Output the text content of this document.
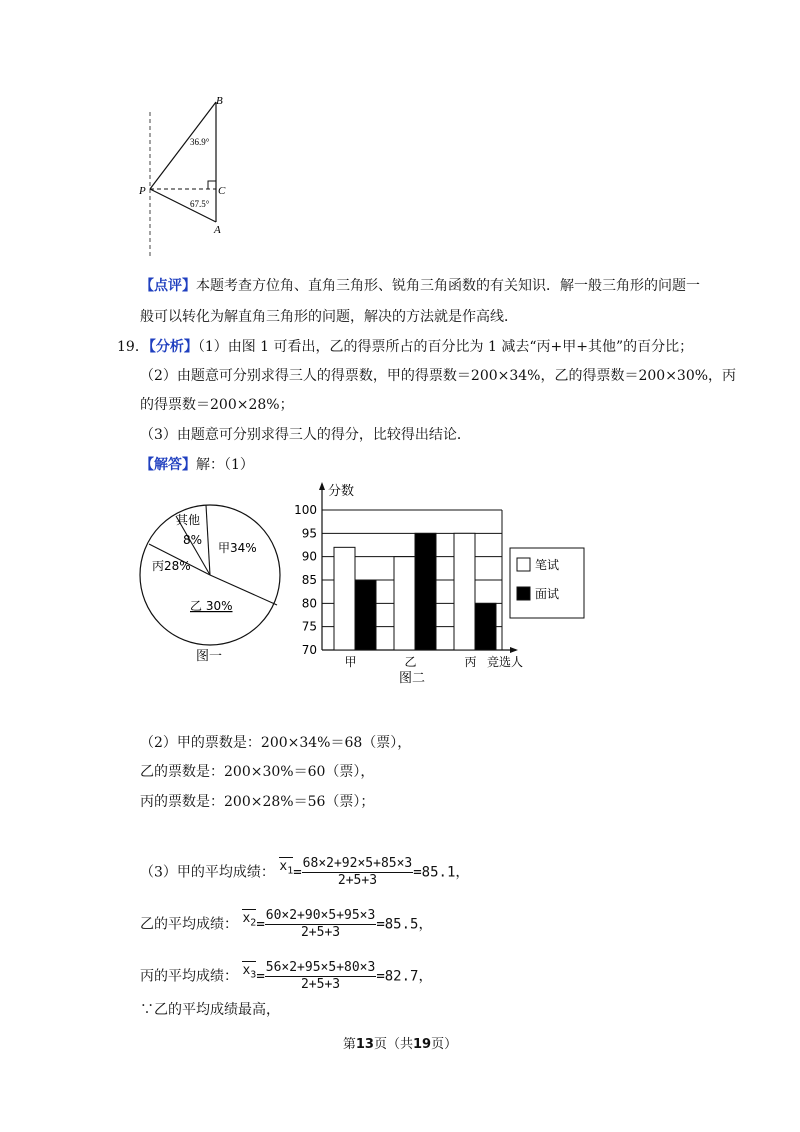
B
P	C
A
36.9°
67.5°
【点评】本题考查方位角、直角三角形、锐角三角函数的有关知识．解一般三角形的问题一
般可以转化为解直角三角形的问题，解决的方法就是作高线．
19．【分析】（1）由图 1 可看出，乙的得票所占的百分比为 1 减去“丙+甲+其他”的百分比；
（2）由题意可分别求得三人的得票数，甲的得票数＝200×34%，乙的得票数＝200×30%，丙
的得票数＝200×28%；
（3）由题意可分别求得三人的得分，比较得出结论．
【解答】解：（1）
其他
8%
甲34%
丙28%
乙 30%
图一
100
95
90
85
80
75
70
分数
竞选人
甲	乙	丙
图二
笔试
面试
（2）甲的票数是：200×34%＝68（票），
乙的票数是：200×30%＝60（票），
丙的票数是：200×28%＝56（票）；
（3）甲的平均成绩： $x_1= \frac{68\times 2+92\times 5+85\times 3}{2+5+3} =85.1$，
乙的平均成绩： $x_2= \frac{60\times 2+90\times 5+95\times 3}{2+5+3} =85.5$，
丙的平均成绩： $x_3= \frac{56\times 2+95\times 5+80\times 3}{2+5+3} =82.7$，
∵乙的平均成绩最高，
第13页（共19页）
